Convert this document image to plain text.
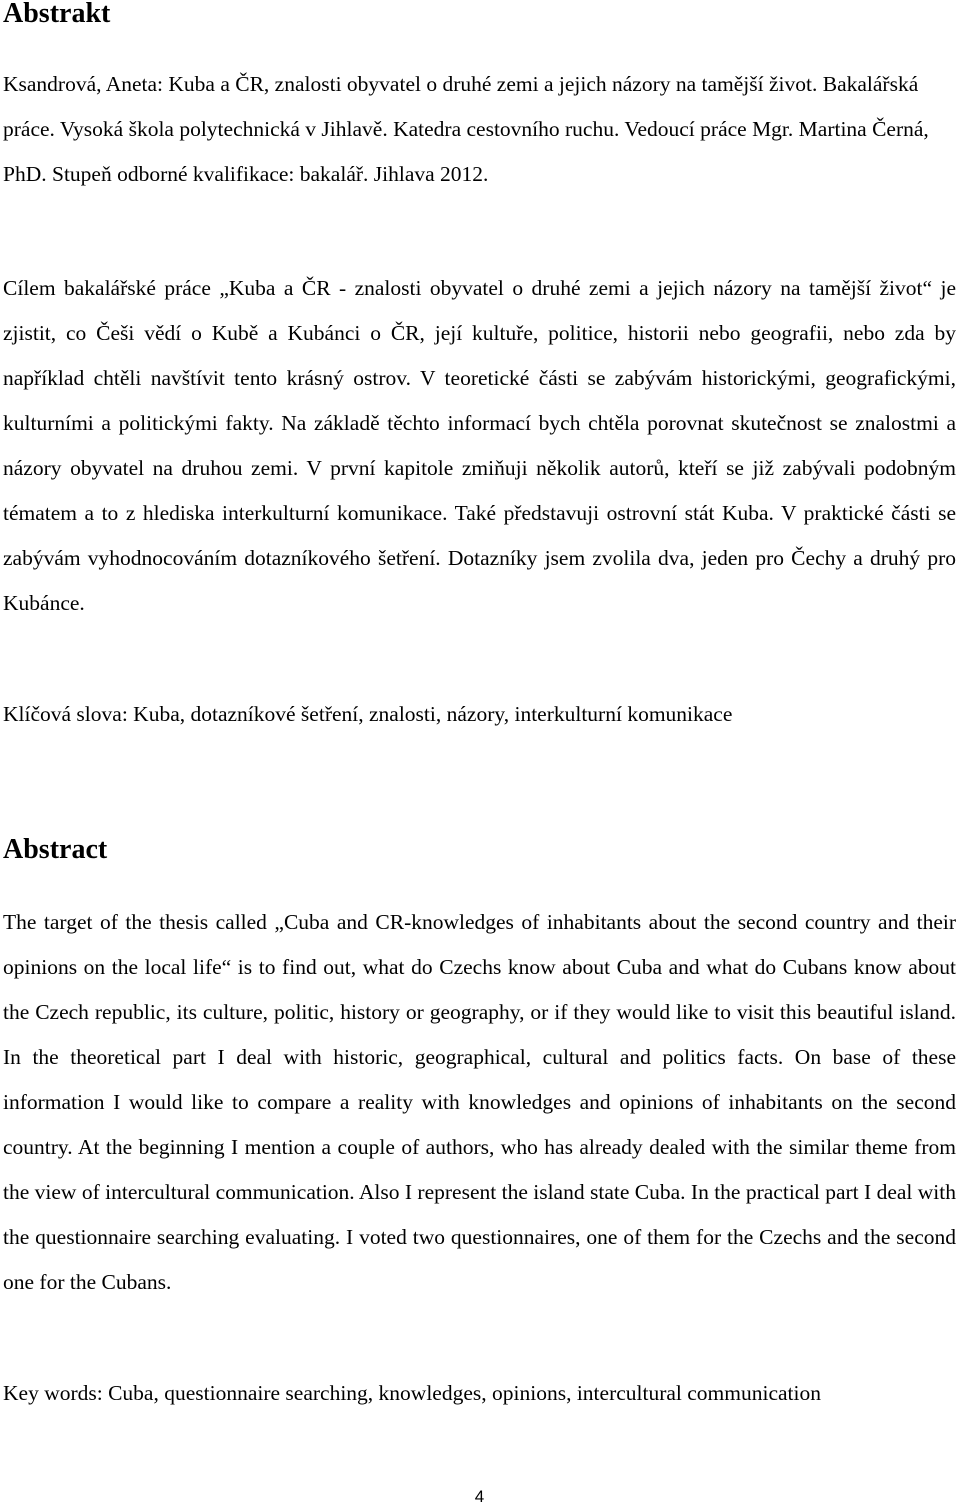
Abstrakt

Ksandrová, Aneta: Kuba a ČR, znalosti obyvatel o druhé zemi a jejich názory na tamější život. Bakalářská práce. Vysoká škola polytechnická v Jihlavě. Katedra cestovního ruchu. Vedoucí práce Mgr. Martina Černá, PhD. Stupeň odborné kvalifikace: bakalář. Jihlava 2012.

Cílem bakalářské práce „Kuba a ČR - znalosti obyvatel o druhé zemi a jejich názory na tamější život“ je zjistit, co Češi vědí o Kubě a Kubánci o ČR, její kultuře, politice, historii nebo geografii, nebo zda by například chtěli navštívit tento krásný ostrov. V teoretické části se zabývám historickými, geografickými, kulturními a politickými fakty. Na základě těchto informací bych chtěla porovnat skutečnost se znalostmi a názory obyvatel na druhou zemi. V první kapitole zmiňuji několik autorů, kteří se již zabývali podobným tématem a to z hlediska interkulturní komunikace. Také představuji ostrovní stát Kuba. V praktické části se zabývám vyhodnocováním dotazníkového šetření. Dotazníky jsem zvolila dva, jeden pro Čechy a druhý pro Kubánce.

Klíčová slova: Kuba, dotazníkové šetření, znalosti, názory, interkulturní komunikace

Abstract

The target of the thesis called „Cuba and CR-knowledges of inhabitants about the second country and their opinions on the local life“ is to find out, what do Czechs know about Cuba and what do Cubans know about the Czech republic, its culture, politic, history or geography, or if they would like to visit this beautiful island. In the theoretical part I deal with historic, geographical, cultural and politics facts. On base of these information I would like to compare a reality with knowledges and opinions of inhabitants on the second country. At the beginning I mention a couple of authors, who has already dealed with the similar theme from the view of intercultural communication. Also I represent the island state Cuba. In the practical part I deal with the questionnaire searching evaluating. I voted two questionnaires, one of them for the Czechs and the second one for the Cubans.

Key words: Cuba, questionnaire searching, knowledges, opinions, intercultural communication

4
